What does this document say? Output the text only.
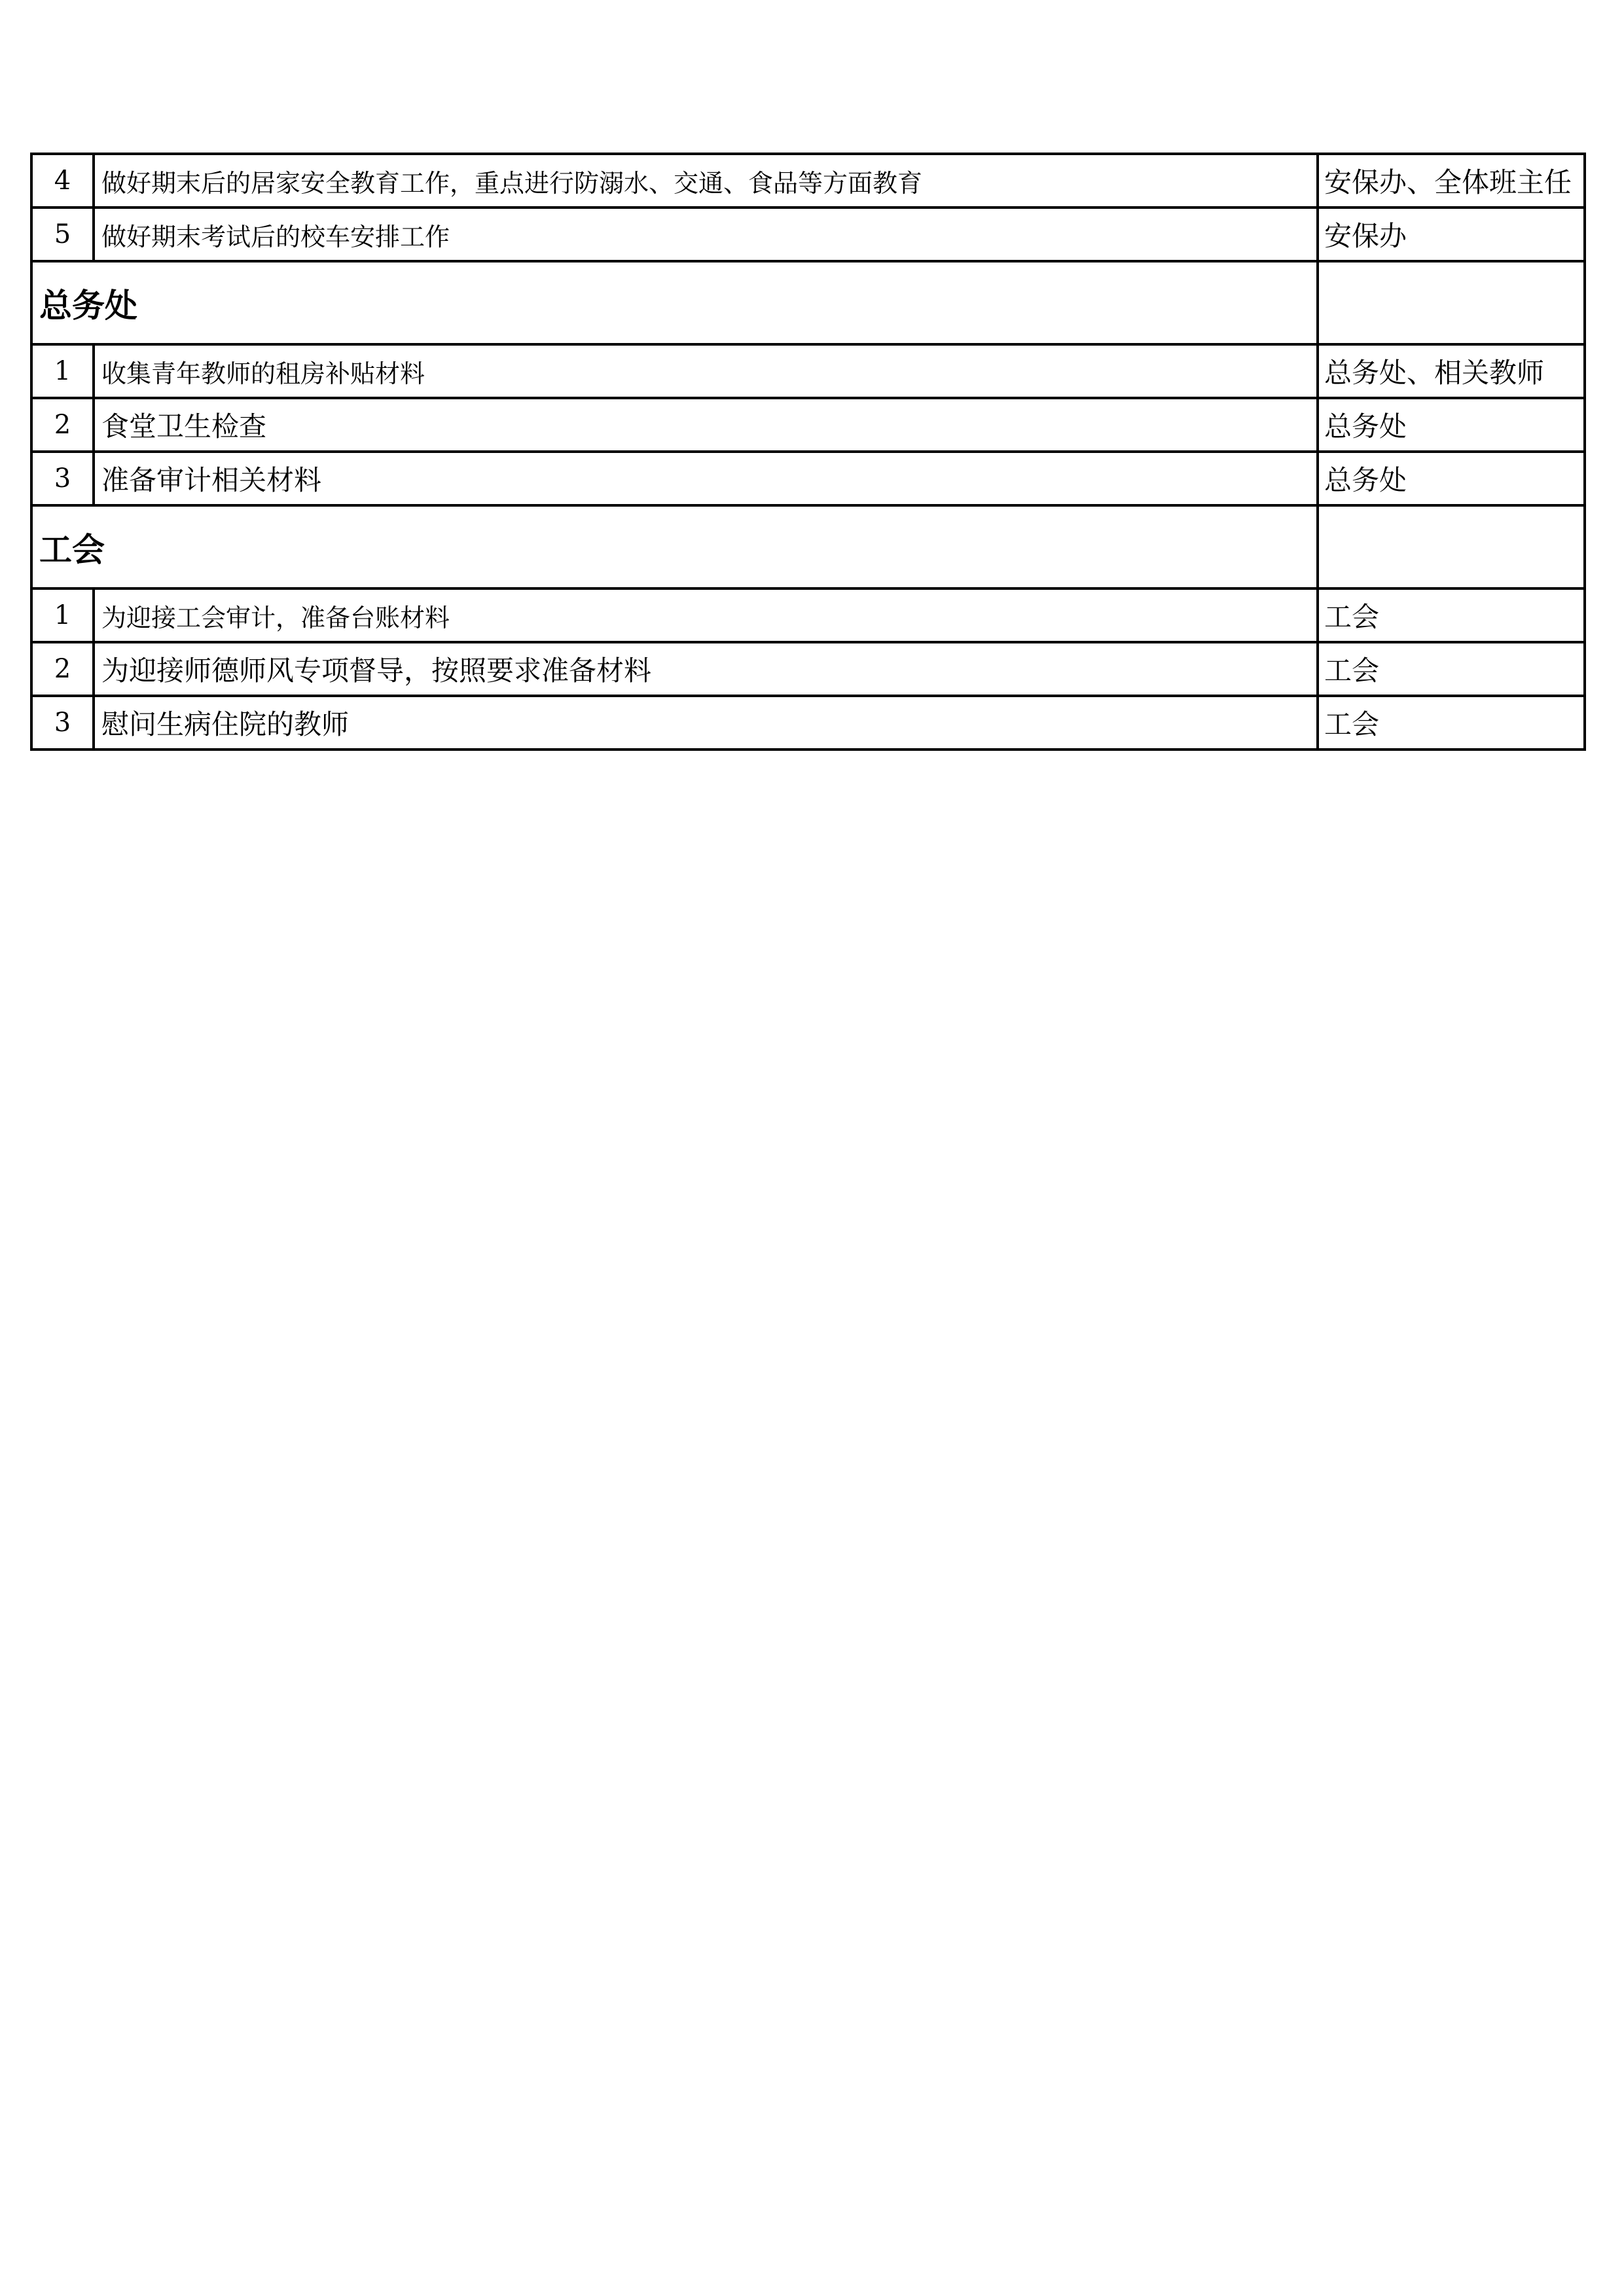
4	做好期末后的居家安全教育工作，重点进行防溺水、交通、食品等方面教育	安保办、全体班主任
5	做好期末考试后的校车安排工作	安保办
总务处		
1	收集青年教师的租房补贴材料	总务处、相关教师
2	食堂卫生检查	总务处
3	准备审计相关材料	总务处
工会		
1	为迎接工会审计，准备台账材料	工会
2	为迎接师德师风专项督导，按照要求准备材料	工会
3	慰问生病住院的教师	工会
